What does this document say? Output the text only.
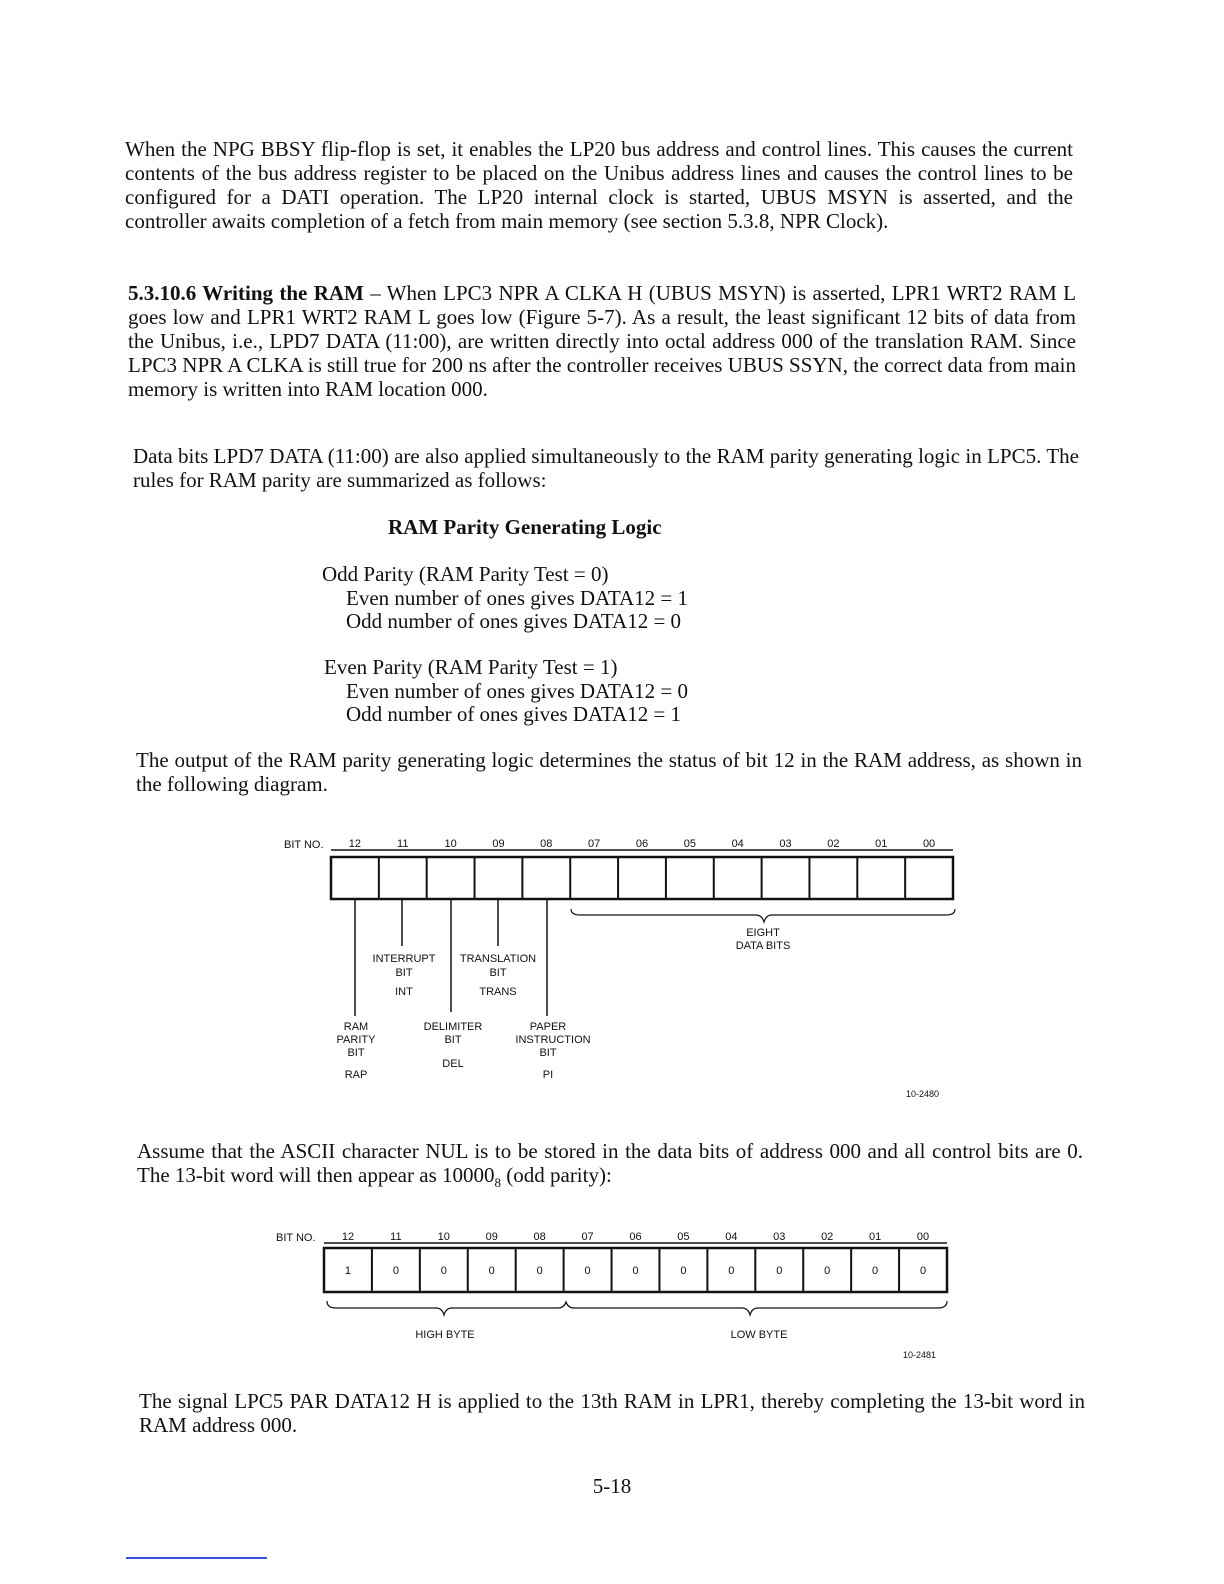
When the NPG BBSY flip-flop is set, it enables the LP20 bus address and control lines. This causes the current contents of the bus address register to be placed on the Unibus address lines and causes the control lines to be configured for a DATI operation. The LP20 internal clock is started, UBUS MSYN is asserted, and the controller awaits completion of a fetch from main memory (see section 5.3.8, NPR Clock).
5.3.10.6 Writing the RAM – When LPC3 NPR A CLKA H (UBUS MSYN) is asserted, LPR1 WRT2 RAM L goes low and LPR1 WRT2 RAM L goes low (Figure 5-7). As a result, the least significant 12 bits of data from the Unibus, i.e., LPD7 DATA (11:00), are written directly into octal address 000 of the translation RAM. Since LPC3 NPR A CLKA is still true for 200 ns after the controller receives UBUS SSYN, the correct data from main memory is written into RAM location 000.
Data bits LPD7 DATA (11:00) are also applied simultaneously to the RAM parity generating logic in LPC5. The rules for RAM parity are summarized as follows:
RAM Parity Generating Logic
Odd Parity (RAM Parity Test = 0)
Even number of ones gives DATA12 = 1
Odd number of ones gives DATA12 = 0
Even Parity (RAM Parity Test = 1)
Even number of ones gives DATA12 = 0
Odd number of ones gives DATA12 = 1
The output of the RAM parity generating logic determines the status of bit 12 in the RAM address, as shown in the following diagram.
BIT NO. 12	11	10	09	08	07	06	05	04	03	02	01	00
EIGHT
DATA BITS
INTERRUPT
BIT
INT
TRANSLATION
BIT
TRANS
RAM
PARITY
BIT
RAP
DELIMITER
BIT
DEL
PAPER
INSTRUCTION
BIT
PI
10-2480
Assume that the ASCII character NUL is to be stored in the data bits of address 000 and all control bits are 0. The 13-bit word will then appear as $10000_8$ (odd parity):
BIT NO. 12	11	10	09	08	07	06	05	04	03	02	01	00
1	0	0	0	0	0	0	0	0	0	0	0	0
HIGH BYTE	LOW BYTE
10-2481
The signal LPC5 PAR DATA12 H is applied to the 13th RAM in LPR1, thereby completing the 13-bit word in RAM address 000.
5-18
